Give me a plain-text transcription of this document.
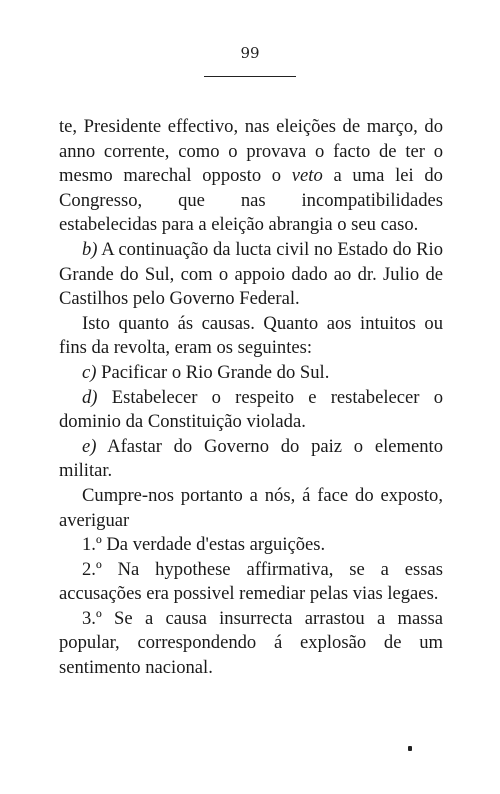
99

te, Presidente effectivo, nas eleições de março, do anno corrente, como o provava o facto de ter o mesmo marechal opposto o veto a uma lei do Congresso, que nas incompatibilidades estabelecidas para a eleição abrangia o seu caso.

b) A continuação da lucta civil no Estado do Rio Grande do Sul, com o appoio dado ao dr. Julio de Castilhos pelo Governo Federal.

Isto quanto ás causas. Quanto aos intuitos ou fins da revolta, eram os seguintes:

c) Pacificar o Rio Grande do Sul.

d) Estabelecer o respeito e restabelecer o dominio da Constituição violada.

e) Afastar do Governo do paiz o elemento militar.

Cumpre-nos portanto a nós, á face do exposto, averiguar

1.º Da verdade d'estas arguições.

2.º Na hypothese affirmativa, se a essas accusações era possivel remediar pelas vias legaes.

3.º Se a causa insurrecta arrastou a massa popular, correspondendo á explosão de um sentimento nacional.
